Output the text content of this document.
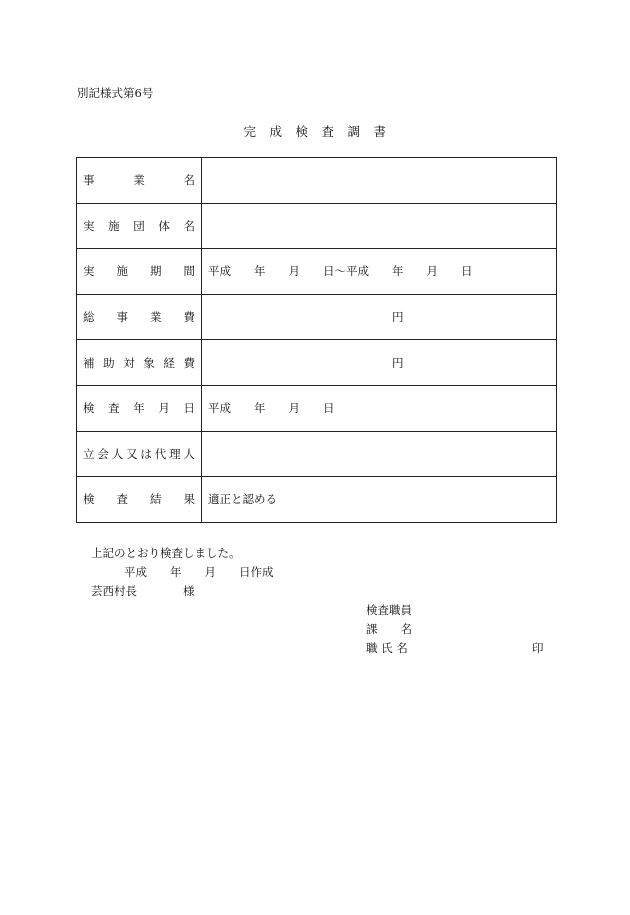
別記様式第6号
完　成　検　査　調　書
事業名	

実施団体名	

実施期間	平成　　年　　月　　日〜平成　　年　　月　　日

総事業費	　　　　　　　　　　　　　　　　円

補助対象経費	　　　　　　　　　　　　　　　　円

検査年月日	平成　　年　　月　　日

立会人又は代理人	

検査結果	適正と認める
上記のとおり検査しました。
平成　　年　　月　　日作成
芸西村長　　　　様
検査職員
課　　名
職 氏 名	印
